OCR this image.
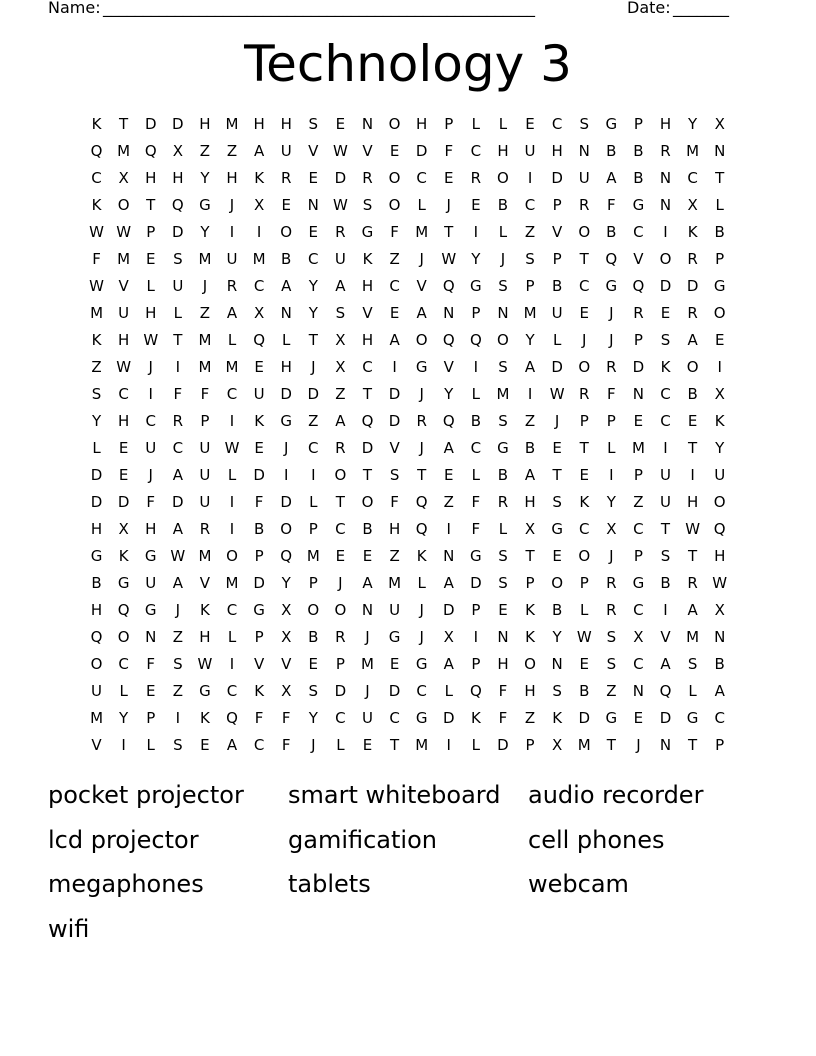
Name: ______________________________________________________	Date: _______
Technology 3
K	T	D	D	H M H	H	S	E	N	O	H	P	L	L	E	C	S	G	P	H	Y	X
Q M Q	X	Z	Z	A	U	V W V	E	D	F	C	H	U	H	N	B	B	R	M	N
C	X	H	H	Y	H	K	R	E	D	R	O	C	E	R	O	I	D	U	A	B	N	C	T
K	O	T	Q	G	J	X	E	N W S	O	L	J	E	B	C	P	R	F	G	N	X	L
W W	P	D	Y	I	I	O	E	R	G	F	M	T	I	L	Z	V	O	B	C	I	K	B
F	M	E	S	M	U	M	B	C	U	K	Z	J	W	Y	J	S	P	T	Q	V	O	R	P
W V	L	U	J	R	C	A	Y	A	H	C	V	Q	G	S	P	B	C	G	Q	D	D	G
M	U	H	L	Z	A	X	N	Y	S	V	E	A	N	P	N	M	U	E	J	R	E	R	O
K	H W	T	M	L	Q	L	T	X	H	A	O	Q	Q	O	Y	L	J	J	P	S	A	E
Z W	J	I	M M	E	H	J	X	C	I	G	V	I	S	A	D	O	R	D	K	O	I
S	C	I	F	F	C	U	D	D	Z	T	D	J	Y	L	M	I	W R	F	N	C	B	X
Y	H	C	R	P	I	K	G	Z	A	Q	D	R	Q	B	S	Z	J	P	P	E	C	E	K
L	E	U	C	U W E	J	C	R	D	V	J	A	C	G	B	E	T	L	M	I	T	Y
D	E	J	A	U	L	D	I	I	O	T	S	T	E	L	B	A	T	E	I	P	U	I	U
D	D	F	D	U	I	F	D	L	T	O	F	Q	Z	F	R	H	S	K	Y	Z	U	H	O
H	X	H	A	R	I	B	O	P	C	B	H	Q	I	F	L	X	G	C	X	C	T	W Q
G	K	G W M O	P	Q M	E	E	Z	K	N	G	S	T	E	O	J	P	S	T	H
B	G	U	A	V	M D	Y	P	J	A	M	L	A	D	S	P	O	P	R	G	B	R W
H	Q	G	J	K	C	G	X	O	O	N	U	J	D	P	E	K	B	L	R	C	I	A	X
Q	O	N	Z	H	L	P	X	B	R	J	G	J	X	I	N	K	Y	W S	X	V	M	N
O	C	F	S W	I	V	V	E	P	M	E	G	A	P	H	O	N	E	S	C	A	S	B
U	L	E	Z	G	C	K	X	S	D	J	D	C	L	Q	F	H	S	B	Z	N	Q	L	A
M	Y	P	I	K	Q	F	F	Y	C	U	C	G	D	K	F	Z	K	D	G	E	D	G	C
V	I	L	S	E	A	C	F	J	L	E	T	M	I	L	D	P	X	M	T	J	N	T	P
pocket projector	smart whiteboard	audio recorder
lcd projector	gamification	cell phones
megaphones	tablets	webcam
wifi
